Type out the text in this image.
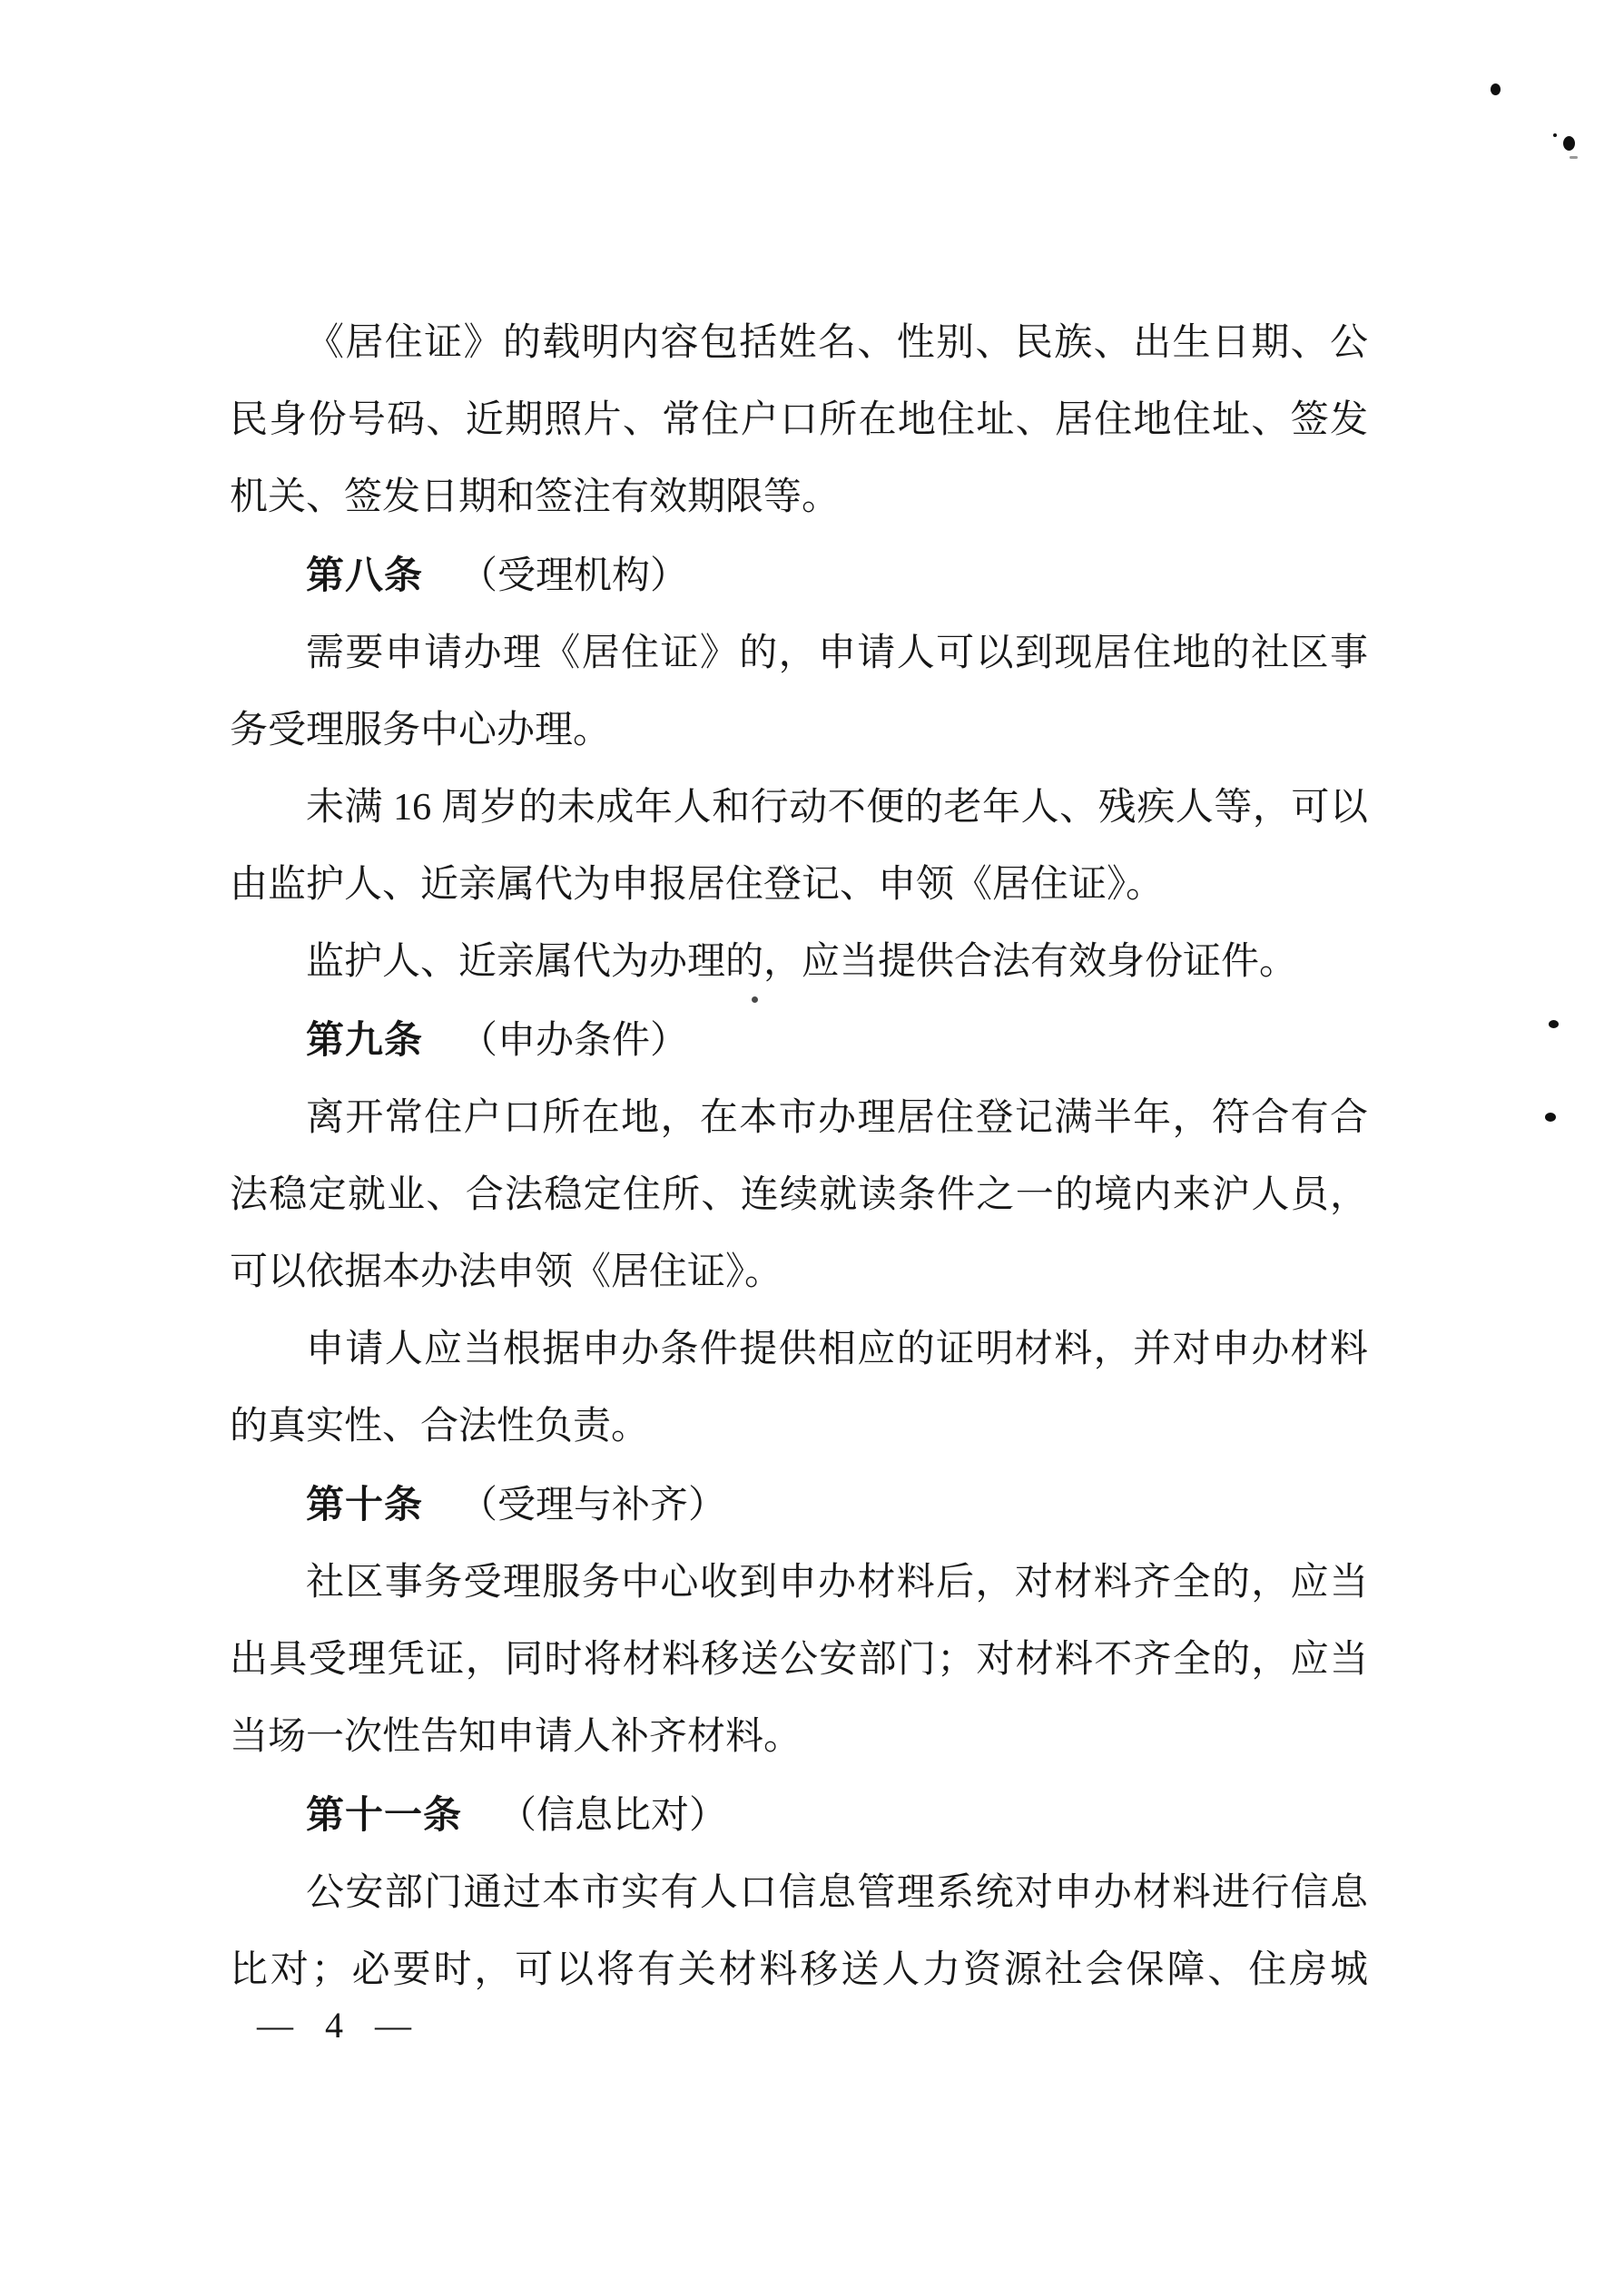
《居住证》的载明内容包括姓名、性别、民族、出生日期、公民身份号码、近期照片、常住户口所在地住址、居住地住址、签发机关、签发日期和签注有效期限等。

第八条 （受理机构）

需要申请办理《居住证》的，申请人可以到现居住地的社区事务受理服务中心办理。

未满 16 周岁的未成年人和行动不便的老年人、残疾人等，可以由监护人、近亲属代为申报居住登记、申领《居住证》。

监护人、近亲属代为办理的，应当提供合法有效身份证件。

第九条 （申办条件）

离开常住户口所在地，在本市办理居住登记满半年，符合有合法稳定就业、合法稳定住所、连续就读条件之一的境内来沪人员，可以依据本办法申领《居住证》。

申请人应当根据申办条件提供相应的证明材料，并对申办材料的真实性、合法性负责。

第十条 （受理与补齐）

社区事务受理服务中心收到申办材料后，对材料齐全的，应当出具受理凭证，同时将材料移送公安部门；对材料不齐全的，应当当场一次性告知申请人补齐材料。

第十一条 （信息比对）

公安部门通过本市实有人口信息管理系统对申办材料进行信息比对；必要时，可以将有关材料移送人力资源社会保障、住房城

— 4 —
